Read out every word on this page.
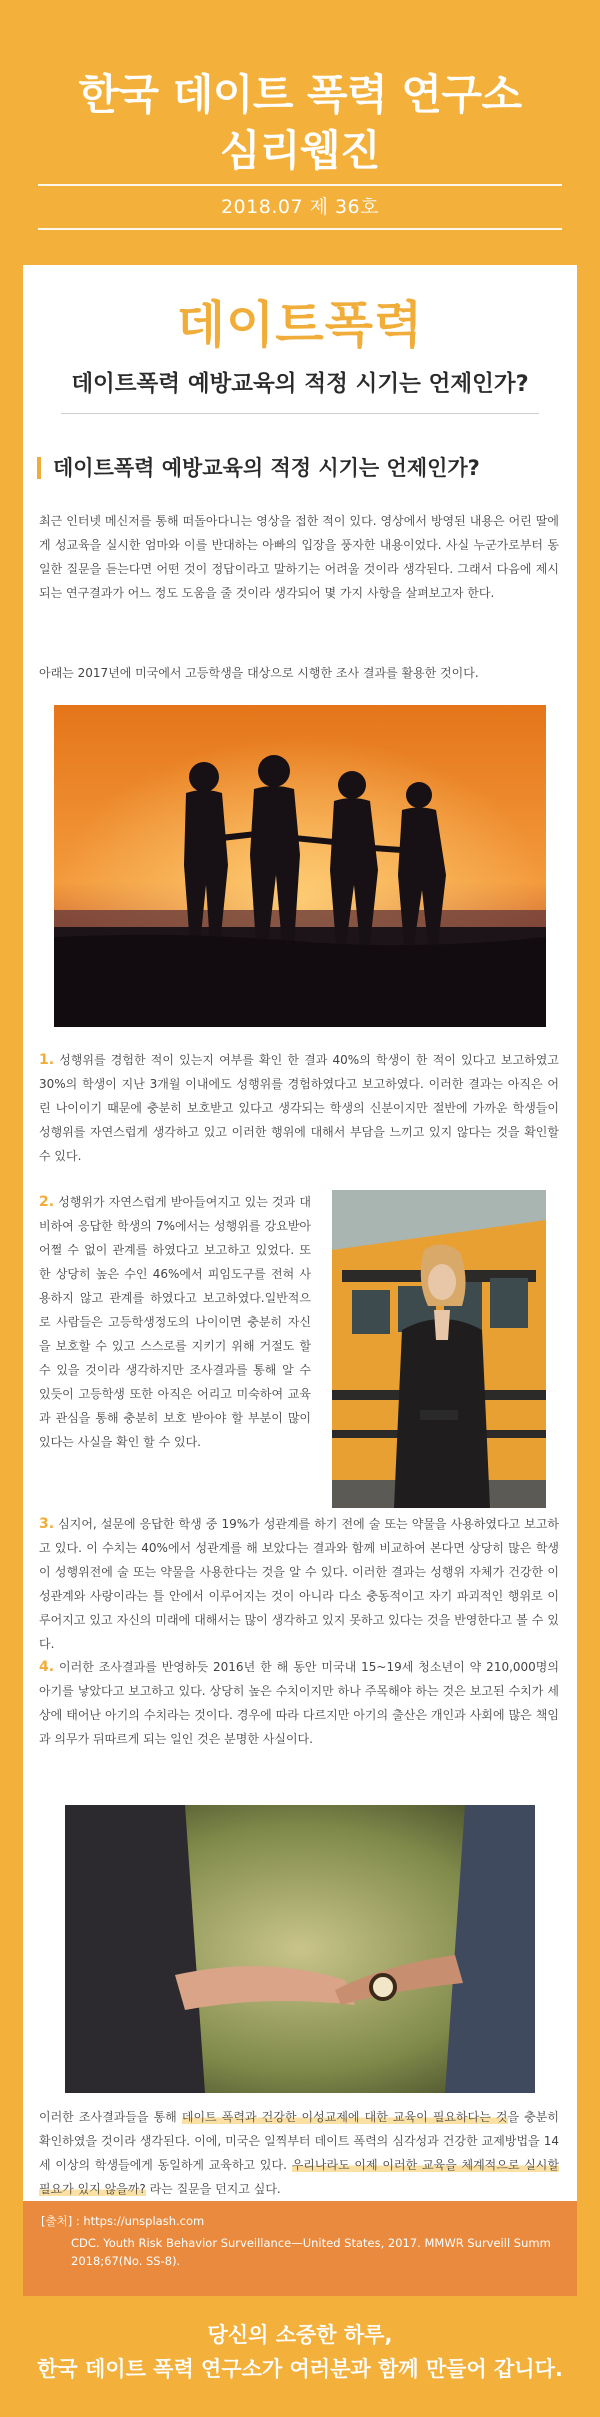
한국 데이트 폭력 연구소
심리웹진
2018.07 제 36호
데이트폭력
데이트폭력 예방교육의 적정 시기는 언제인가?
데이트폭력 예방교육의 적정 시기는 언제인가?

최근 인터넷 메신저를 통해 떠돌아다니는 영상을 접한 적이 있다. 영상에서 방영된 내용은 어린 딸에게 성교육을 실시한 엄마와 이를 반대하는 아빠의 입장을 풍자한 내용이었다. 사실 누군가로부터 동일한 질문을 듣는다면 어떤 것이 정답이라고 말하기는 어려울 것이라 생각된다. 그래서 다음에 제시되는 연구결과가 어느 정도 도움을 줄 것이라 생각되어 몇 가지 사항을 살펴보고자 한다.

아래는 2017년에 미국에서 고등학생을 대상으로 시행한 조사 결과를 활용한 것이다.

1. 성행위를 경험한 적이 있는지 여부를 확인 한 결과 40%의 학생이 한 적이 있다고 보고하였고 30%의 학생이 지난 3개월 이내에도 성행위를 경험하였다고 보고하였다. 이러한 결과는 아직은 어린 나이이기 때문에 충분히 보호받고 있다고 생각되는 학생의 신분이지만 절반에 가까운 학생들이 성행위를 자연스럽게 생각하고 있고 이러한 행위에 대해서 부담을 느끼고 있지 않다는 것을 확인할 수 있다.

2. 성행위가 자연스럽게 받아들여지고 있는 것과 대비하여 응답한 학생의 7%에서는 성행위를 강요받아 어쩔 수 없이 관계를 하였다고 보고하고 있었다. 또한 상당히 높은 수인 46%에서 피임도구를 전혀 사용하지 않고 관계를 하였다고 보고하였다.일반적으로 사람들은 고등학생정도의 나이이면 충분히 자신을 보호할 수 있고 스스로를 지키기 위해 거절도 할 수 있을 것이라 생각하지만 조사결과를 통해 알 수 있듯이 고등학생 또한 아직은 어리고 미숙하여 교육과 관심을 통해 충분히 보호 받아야 할 부분이 많이 있다는 사실을 확인 할 수 있다.

3. 심지어, 설문에 응답한 학생 중 19%가 성관계를 하기 전에 술 또는 약물을 사용하였다고 보고하고 있다. 이 수치는 40%에서 성관계를 해 보았다는 결과와 함께 비교하여 본다면 상당히 많은 학생이 성행위전에 술 또는 약물을 사용한다는 것을 알 수 있다. 이러한 결과는 성행위 자체가 건강한 이성관계와 사랑이라는 틀 안에서 이루어지는 것이 아니라 다소 충동적이고 자기 파괴적인 행위로 이루어지고 있고 자신의 미래에 대해서는 많이 생각하고 있지 못하고 있다는 것을 반영한다고 볼 수 있다.

4. 이러한 조사결과를 반영하듯 2016년 한 해 동안 미국내 15~19세 청소년이 약 210,000명의 아기를 낳았다고 보고하고 있다. 상당히 높은 수치이지만 하나 주목해야 하는 것은 보고된 수치가 세상에 태어난 아기의 수치라는 것이다. 경우에 따라 다르지만 아기의 출산은 개인과 사회에 많은 책임과 의무가 뒤따르게 되는 일인 것은 분명한 사실이다.

이러한 조사결과들을 통해 데이트 폭력과 건강한 이성교제에 대한 교육이 필요하다는 것을 충분히 확인하였을 것이라 생각된다. 이에, 미국은 일찍부터 데이트 폭력의 심각성과 건강한 교제방법을 14세 이상의 학생들에게 동일하게 교육하고 있다. 우리나라도 이제 이러한 교육을 체계적으로 실시할 필요가 있지 않을까? 라는 질문을 던지고 싶다.

[출처] : https://unsplash.com
CDC. Youth Risk Behavior Surveillance—United States, 2017. MMWR Surveill Summ 2018;67(No. SS-8).
당신의 소중한 하루,
한국 데이트 폭력 연구소가 여러분과 함께 만들어 갑니다.
